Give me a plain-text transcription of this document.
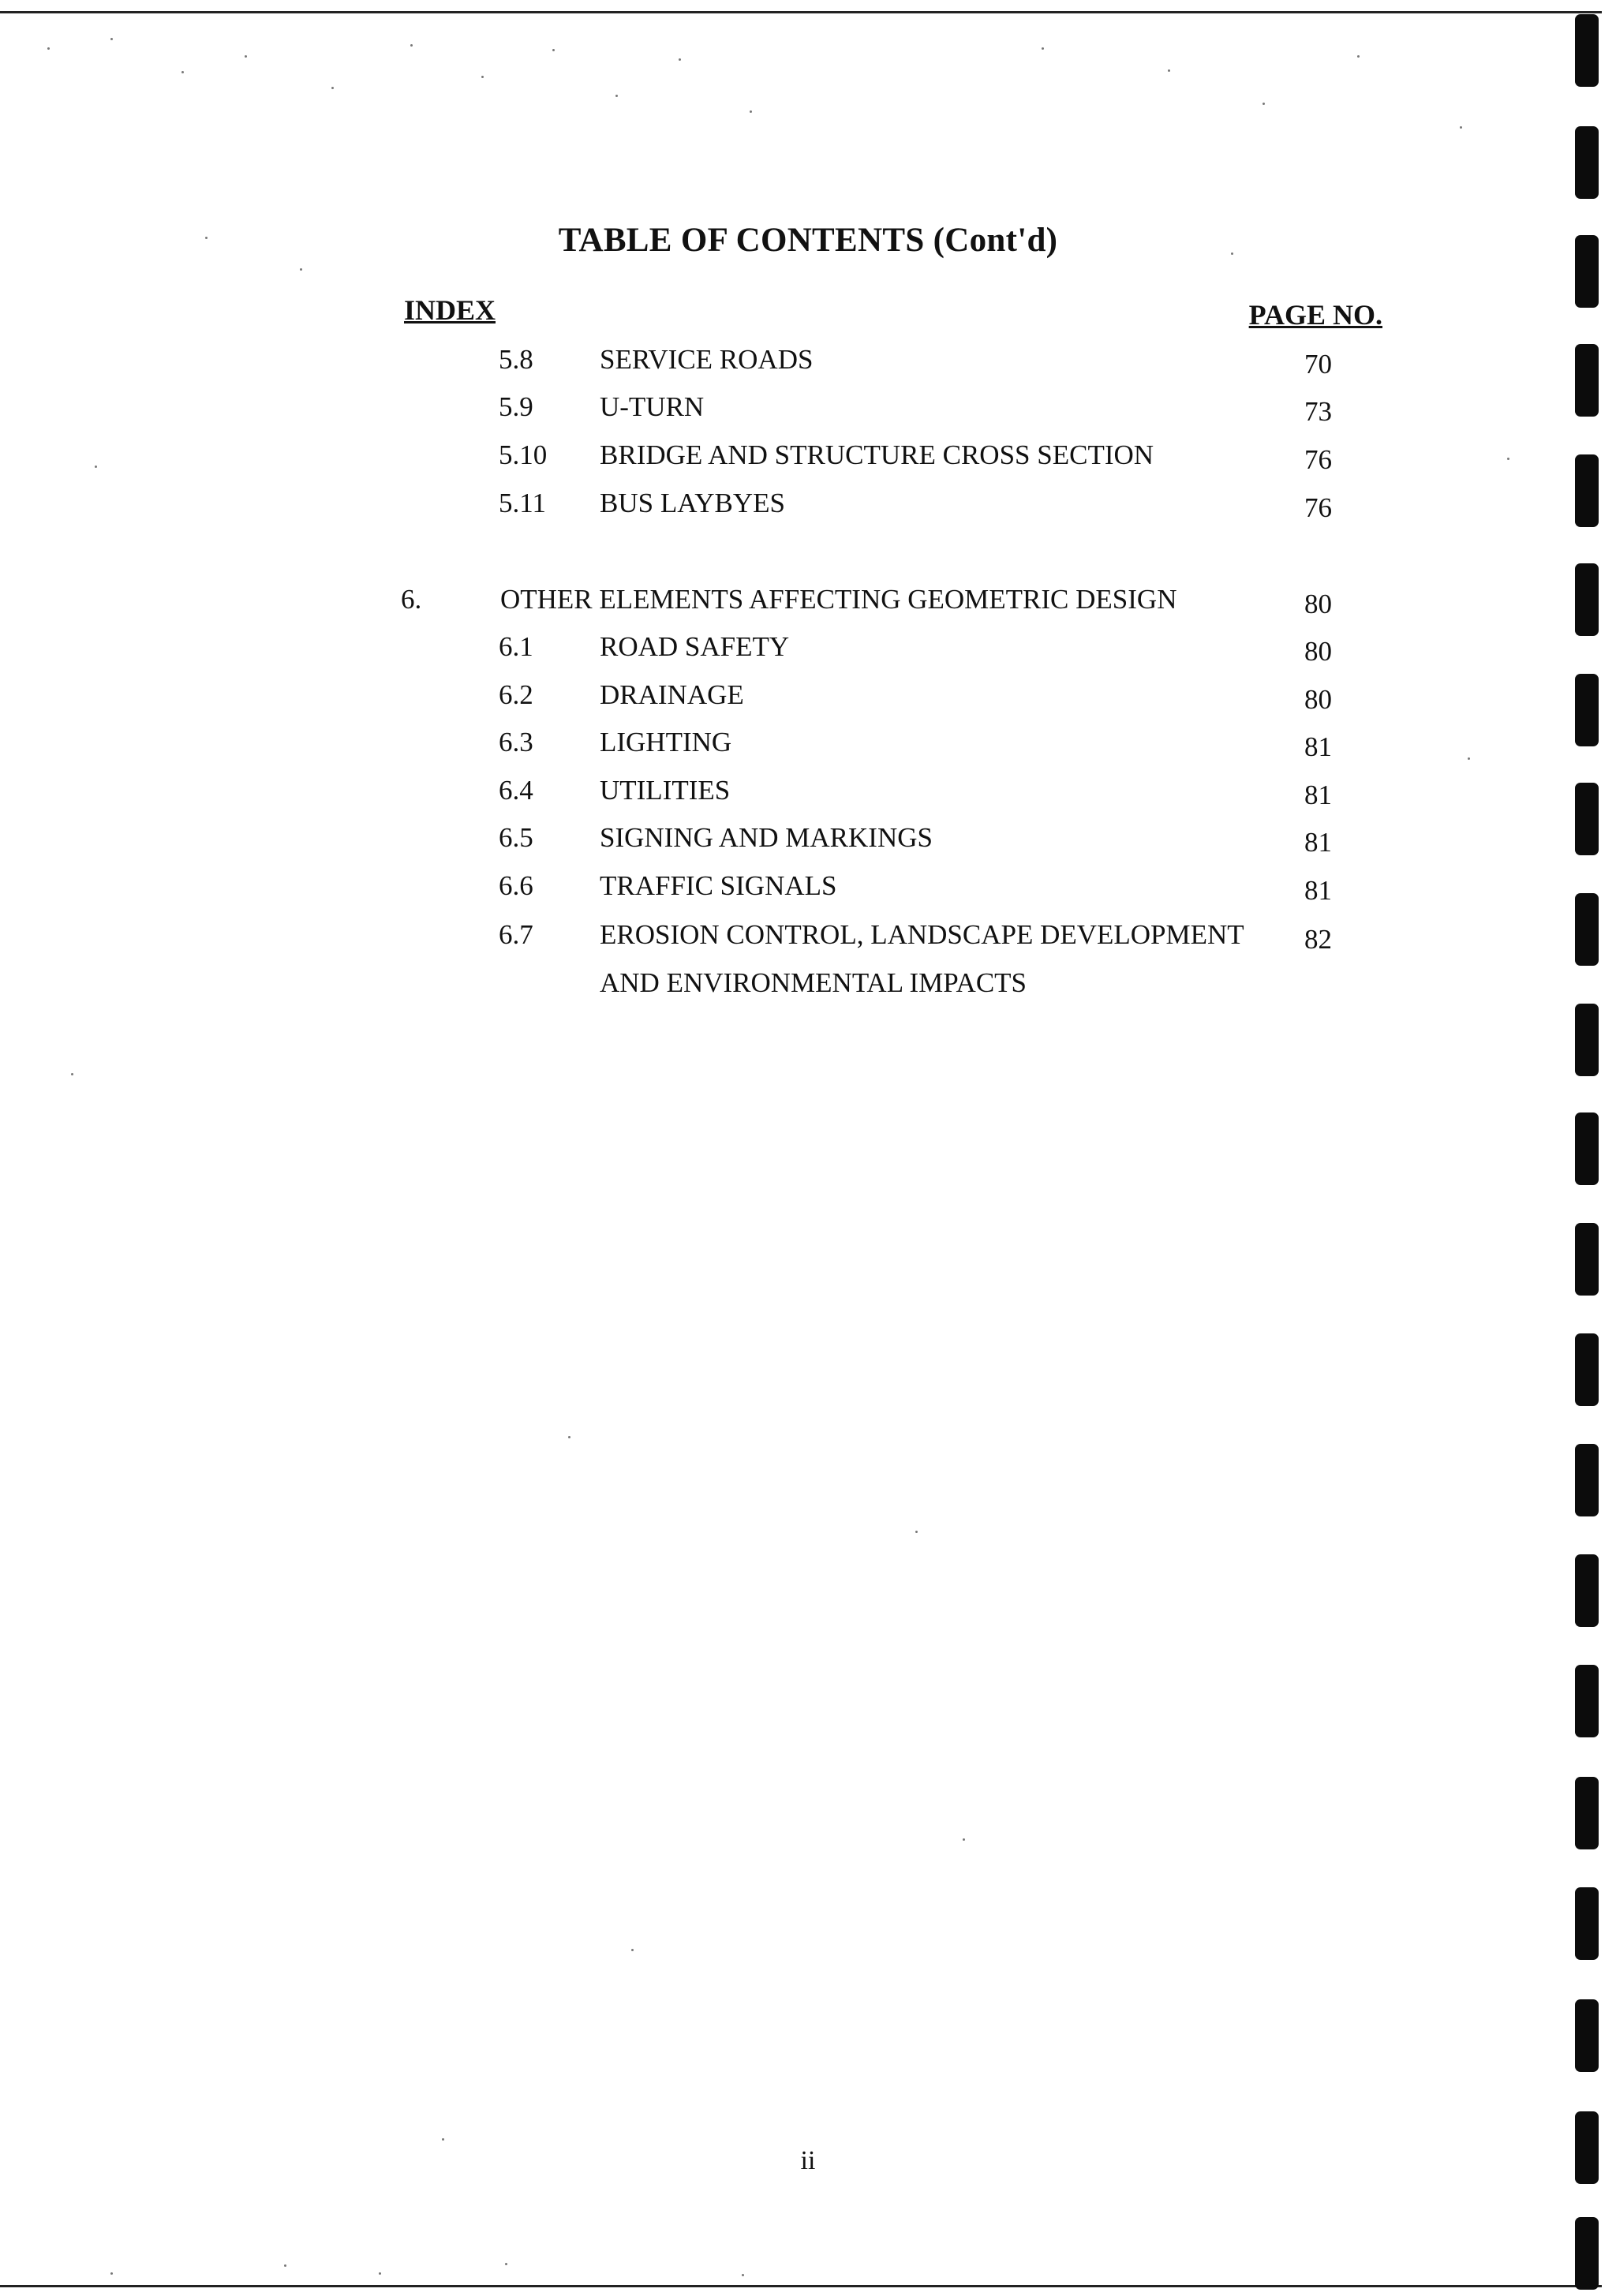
TABLE OF CONTENTS (Cont'd)
INDEX	PAGE NO.
5.8 SERVICE ROADS	70
5.9 U-TURN	73
5.10 BRIDGE AND STRUCTURE CROSS SECTION	76
5.11 BUS LAYBYES	76
6.	OTHER ELEMENTS AFFECTING GEOMETRIC DESIGN	80
6.1 ROAD SAFETY	80
6.2 DRAINAGE	80
6.3 LIGHTING	81
6.4 UTILITIES	81
6.5 SIGNING AND MARKINGS	81
6.6 TRAFFIC SIGNALS	81
6.7 EROSION CONTROL, LANDSCAPE DEVELOPMENT 82
AND ENVIRONMENTAL IMPACTS
ii
